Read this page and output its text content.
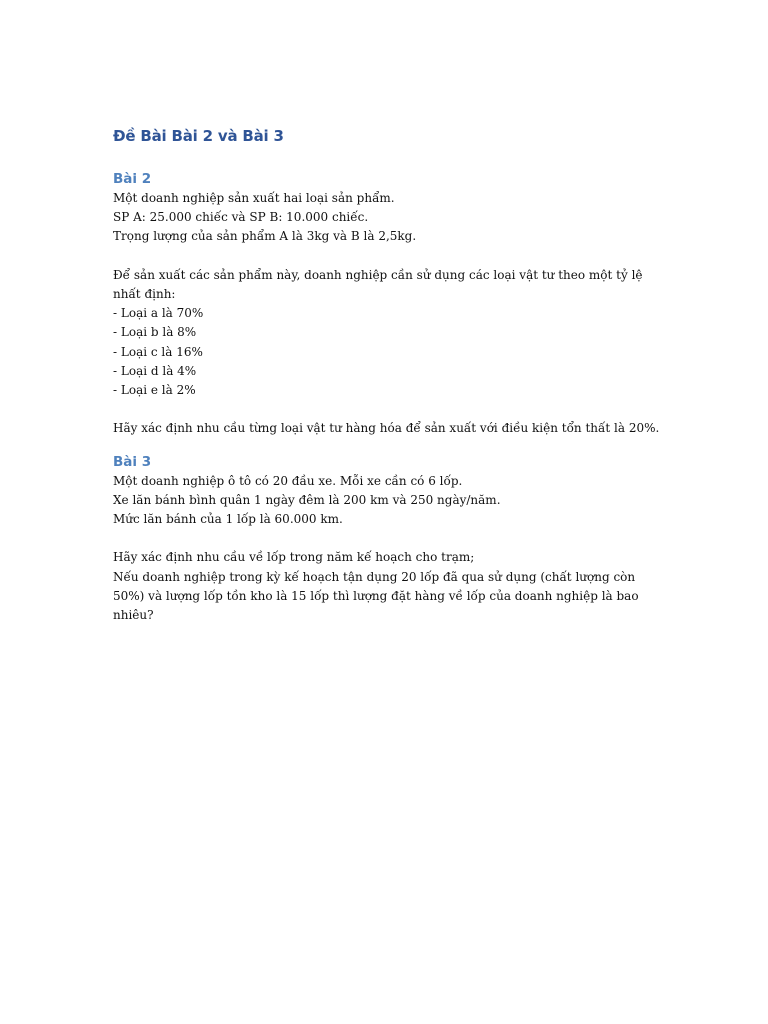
Đề Bài Bài 2 và Bài 3
Bài 2
Một doanh nghiệp sản xuất hai loại sản phẩm.
SP A: 25.000 chiếc và SP B: 10.000 chiếc.
Trọng lượng của sản phẩm A là 3kg và B là 2,5kg.
Để sản xuất các sản phẩm này, doanh nghiệp cần sử dụng các loại vật tư theo một tỷ lệ nhất định:
- Loại a là 70%
- Loại b là 8%
- Loại c là 16%
- Loại d là 4%
- Loại e là 2%
Hãy xác định nhu cầu từng loại vật tư hàng hóa để sản xuất với điều kiện tổn thất là 20%.
Bài 3
Một doanh nghiệp ô tô có 20 đầu xe. Mỗi xe cần có 6 lốp.
Xe lăn bánh bình quân 1 ngày đêm là 200 km và 250 ngày/năm.
Mức lăn bánh của 1 lốp là 60.000 km.
Hãy xác định nhu cầu về lốp trong năm kế hoạch cho trạm;
Nếu doanh nghiệp trong kỳ kế hoạch tận dụng 20 lốp đã qua sử dụng (chất lượng còn 50%) và lượng lốp tồn kho là 15 lốp thì lượng đặt hàng về lốp của doanh nghiệp là bao nhiêu?
